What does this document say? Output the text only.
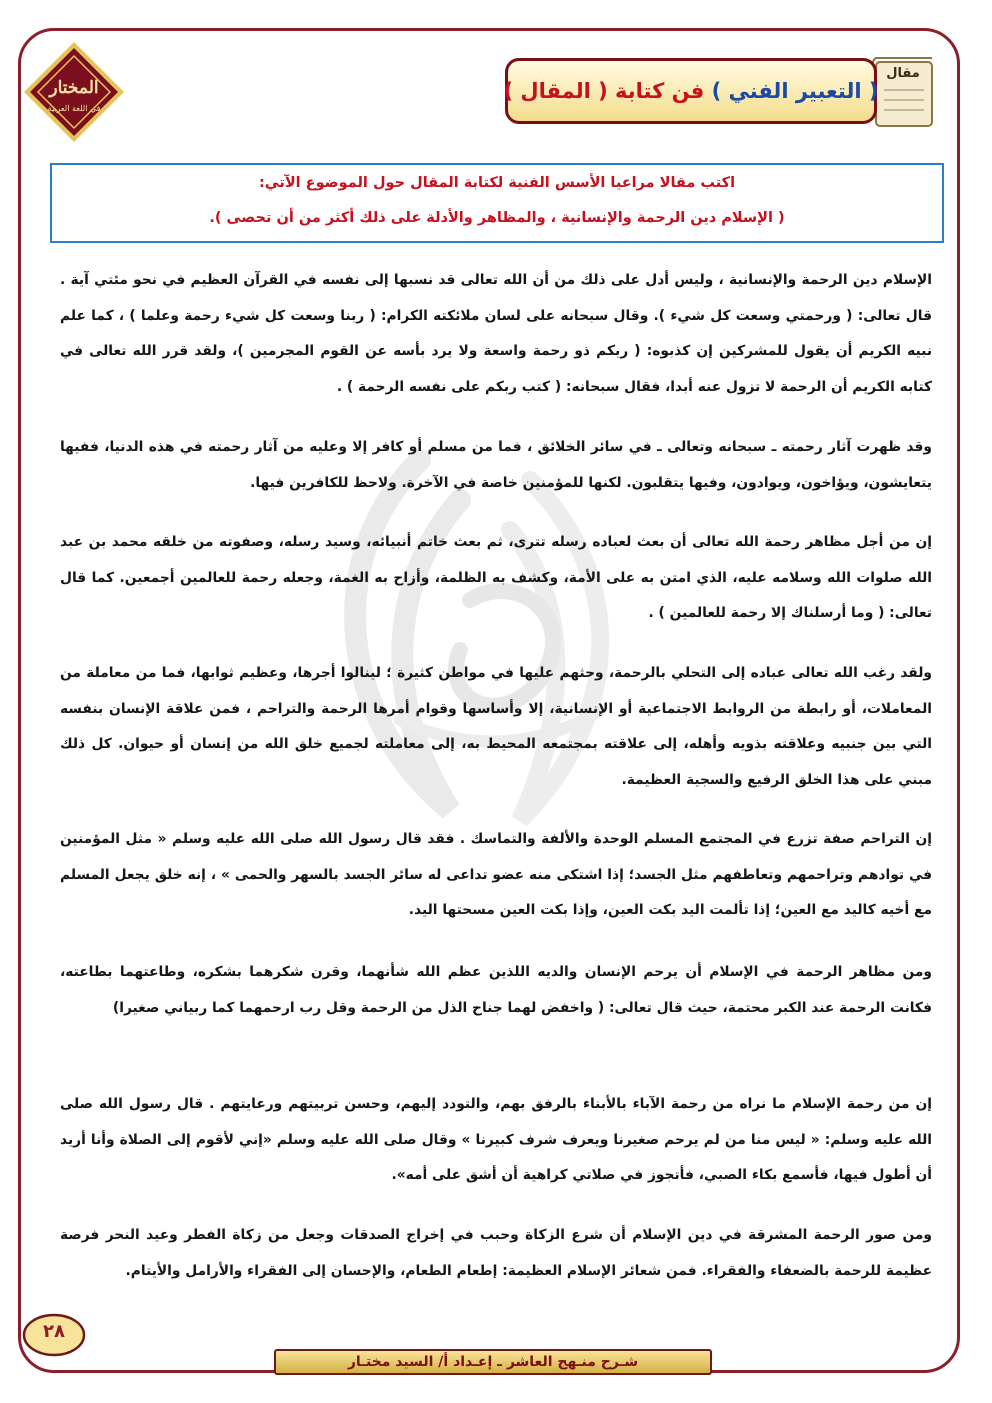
المختار
في اللغة العربية
مقال
( التعبير الفني ) فن كتابة ( المقال )
اكتب مقالا مراعيا الأسس الفنية لكتابة المقال حول الموضوع الآتي:
( الإسلام دين الرحمة والإنسانية ، والمظاهر والأدلة على ذلك أكثر من أن تحصى ).

الإسلام دين الرحمة والإنسانية ، وليس أدل على ذلك من أن الله تعالى قد نسبها إلى نفسه في القرآن العظيم في نحو مئتي آية . قال تعالى: ( ورحمتي وسعت كل شيء ). وقال سبحانه على لسان ملائكته الكرام: ( ربنا وسعت كل شيء رحمة وعلما ) ، كما علم نبيه الكريم أن يقول للمشركين إن كذبوه: ( ربكم ذو رحمة واسعة ولا يرد بأسه عن القوم المجرمين )، ولقد قرر الله تعالى في كتابه الكريم أن الرحمة لا تزول عنه أبدا، فقال سبحانه: ( كتب ربكم على نفسه الرحمة ) .

وقد ظهرت آثار رحمته ـ سبحانه وتعالى ـ في سائر الخلائق ، فما من مسلم أو كافر إلا وعليه من آثار رحمته في هذه الدنيا، ففيها يتعايشون، ويؤاخون، ويوادون، وفيها يتقلبون. لكنها للمؤمنين خاصة في الآخرة. ولاحظ للكافرين فيها.

إن من أجل مظاهر رحمة الله تعالى أن بعث لعباده رسله تترى، ثم بعث خاتم أنبيائه، وسيد رسله، وصفوته من خلقه محمد بن عبد الله صلوات الله وسلامه عليه، الذي امتن به على الأمة، وكشف به الظلمة، وأزاح به الغمة، وجعله رحمة للعالمين أجمعين. كما قال تعالى: ( وما أرسلناك إلا رحمة للعالمين ) .

ولقد رغب الله تعالى عباده إلى التحلي بالرحمة، وحثهم عليها في مواطن كثيرة ؛ لينالوا أجرها، وعظيم ثوابها، فما من معاملة من المعاملات، أو رابطة من الروابط الاجتماعية أو الإنسانية، إلا وأساسها وقوام أمرها الرحمة والتراحم ، فمن علاقة الإنسان بنفسه التي بين جنبيه وعلاقته بذويه وأهله، إلى علاقته بمجتمعه المحيط به، إلى معاملته لجميع خلق الله من إنسان أو حيوان. كل ذلك مبني على هذا الخلق الرفيع والسجية العظيمة.

إن التراحم صفة تزرع في المجتمع المسلم الوحدة والألفة والتماسك . فقد قال رسول الله صلى الله عليه وسلم « مثل المؤمنين في توادهم وتراحمهم وتعاطفهم مثل الجسد؛ إذا اشتكى منه عضو تداعى له سائر الجسد بالسهر والحمى » ، إنه خلق يجعل المسلم مع أخيه كاليد مع العين؛ إذا تألمت اليد بكت العين، وإذا بكت العين مسحتها اليد.

ومن مظاهر الرحمة في الإسلام أن يرحم الإنسان والديه اللذين عظم الله شأنهما، وقرن شكرهما بشكره، وطاعتهما بطاعته، فكانت الرحمة عند الكبر محتمة، حيث قال تعالى: ( واخفض لهما جناح الذل من الرحمة وقل رب ارحمهما كما ربياني صغيرا)

إن من رحمة الإسلام ما نراه من رحمة الآباء بالأبناء بالرفق بهم، والتودد إليهم، وحسن تربيتهم ورعايتهم . قال رسول الله صلى الله عليه وسلم: « ليس منا من لم يرحم صغيرنا ويعرف شرف كبيرنا » وقال صلى الله عليه وسلم «إني لأقوم إلى الصلاة وأنا أريد أن أطول فيها، فأسمع بكاء الصبي، فأتجوز في صلاتي كراهية أن أشق على أمه».

ومن صور الرحمة المشرقة في دين الإسلام أن شرع الزكاة وحبب في إخراج الصدقات وجعل من زكاة الفطر وعيد النحر فرصة عظيمة للرحمة بالضعفاء والفقراء. فمن شعائر الإسلام العظيمة: إطعام الطعام، والإحسان إلى الفقراء والأرامل والأيتام.

٢٨
شـرح منـهج العاشر ـ إعـداد أ/ السيد مختـار
